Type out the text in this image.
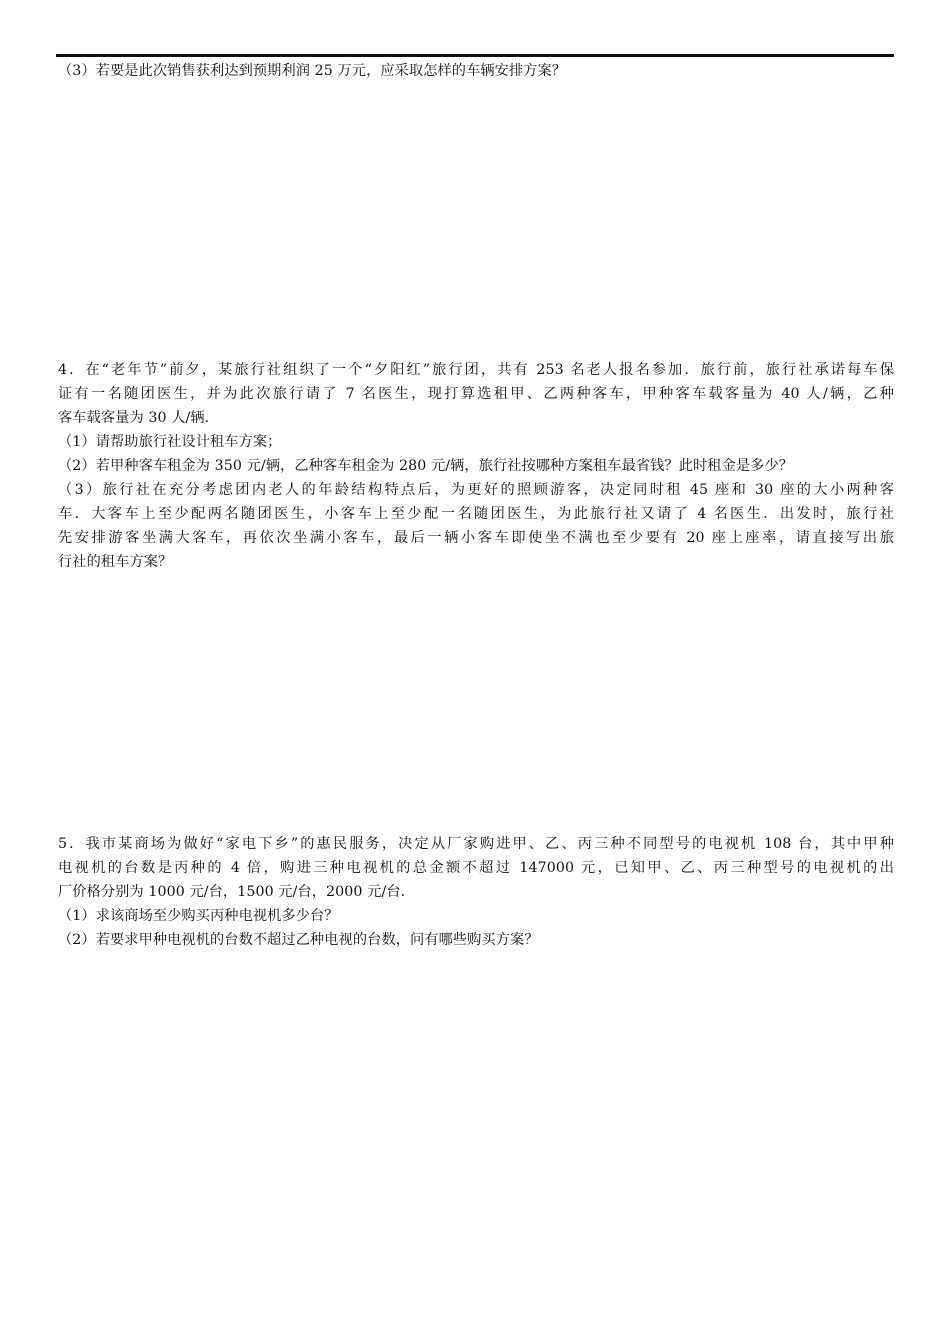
（3）若要是此次销售获利达到预期利润 25 万元，应采取怎样的车辆安排方案？
4．在“老年节”前夕，某旅行社组织了一个“夕阳红”旅行团，共有 253 名老人报名参加．旅行前，旅行社承诺每车保
证有一名随团医生，并为此次旅行请了 7 名医生，现打算选租甲、乙两种客车，甲种客车载客量为 40 人/辆，乙种
客车载客量为 30 人/辆．
（1）请帮助旅行社设计租车方案；
（2）若甲种客车租金为 350 元/辆，乙种客车租金为 280 元/辆，旅行社按哪种方案租车最省钱？此时租金是多少？
（3）旅行社在充分考虑团内老人的年龄结构特点后，为更好的照顾游客，决定同时租 45 座和 30 座的大小两种客
车．大客车上至少配两名随团医生，小客车上至少配一名随团医生，为此旅行社又请了 4 名医生．出发时，旅行社
先安排游客坐满大客车，再依次坐满小客车，最后一辆小客车即使坐不满也至少要有 20 座上座率，请直接写出旅
行社的租车方案？
5．我市某商场为做好“家电下乡”的惠民服务，决定从厂家购进甲、乙、丙三种不同型号的电视机 108 台，其中甲种
电视机的台数是丙种的 4 倍，购进三种电视机的总金额不超过 147000 元，已知甲、乙、丙三种型号的电视机的出
厂价格分别为 1000 元/台，1500 元/台，2000 元/台．
（1）求该商场至少购买丙种电视机多少台？
（2）若要求甲种电视机的台数不超过乙种电视的台数，问有哪些购买方案？
